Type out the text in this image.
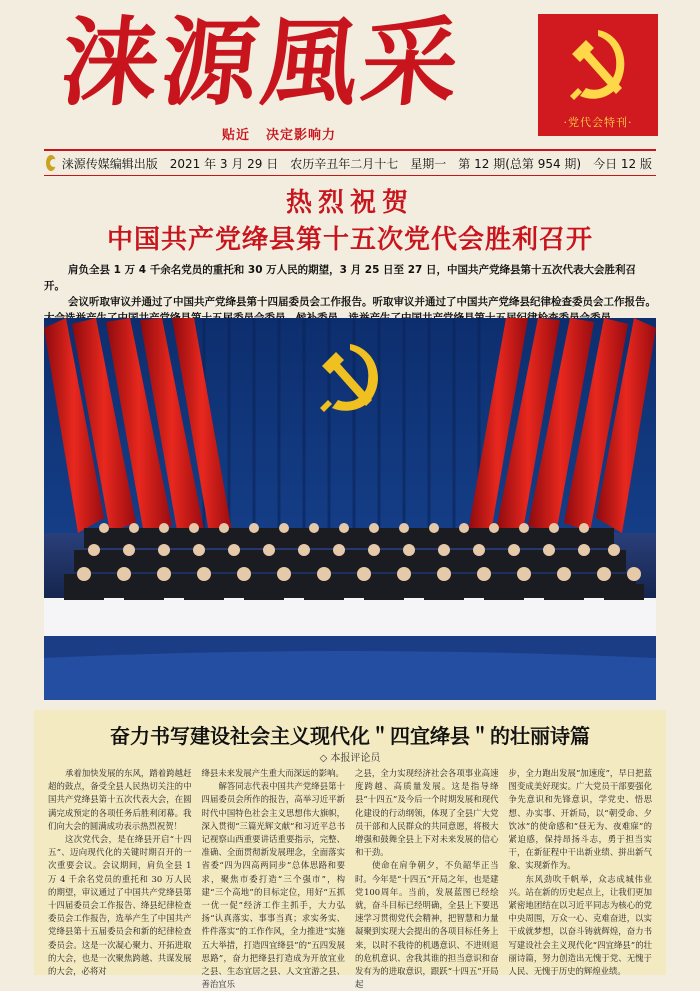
涞源風采
贴近 决定影响力
·党代会特刊·
涞源传媒编辑出版 2021 年 3 月 29 日 农历辛丑年二月十七 星期一 第 12 期(总第 954 期) 今日 12 版
热烈祝贺
中国共产党绛县第十五次党代会胜利召开

肩负全县 1 万 4 千余名党员的重托和 30 万人民的期望，3 月 25 日至 27 日，中国共产党绛县第十五次代表大会胜利召开。

会议听取审议并通过了中国共产党绛县第十四届委员会工作报告。听取审议并通过了中国共产党绛县纪律检查委员会工作报告。

奋力书写建设社会主义现代化＂四宜绛县＂的壮丽诗篇
◇ 本报评论员

承着加快发展的东风，踏着跨越赶超的鼓点，备受全县人民热切关注的中国共产党绛县第十五次代表大会，在圆满完成预定的各项任务后胜利闭幕。我们向大会的圆满成功表示热烈祝贺！

这次党代会，是在绛县开启“十四五”、迈向现代化的关键时期召开的一次重要会议。会议期间，肩负全县 1 万 4 千余名党员的重托和 30 万人民的期望，审议通过了中国共产党绛县第十四届委员会工作报告、绛县纪律检查委员会工作报告，选举产生了中国共产党绛县第十五届委员会和新的纪律检查委员会。这是一次凝心聚力、开拓进取的大会，也是一次聚焦跨越、共谋发展的大会，必将对

绛县未来发展产生重大而深远的影响。

解答同志代表中国共产党绛县第十四届委员会所作的报告，高举习近平新时代中国特色社会主义思想伟大旗帜，深入贯彻“三篇光辉文献”和习近平总书记视察山西重要讲话重要指示，完整、准确、全面贯彻新发展理念，全面落实省委“四为四高两同步”总体思路和要求，聚焦市委打造“三个强市”，构建“三个高地”的目标定位，用好“五抓一优一促”经济工作主抓手，大力弘扬“认真落实、事事当真；求实务实、件件落实”的工作作风，全力推进“实施五大举措，打造四宜绛县”的“五四发展思路”，奋力把绛县打造成为开放宜业之县、生态宜居之县、人文宜游之县、善治宜乐

之县，全力实现经济社会各项事业高速度跨越、高质量发展。这是指导绛县“十四五”及今后一个时期发展和现代化建设的行动纲领，体现了全县广大党员干部和人民群众的共同意愿，将极大增强和鼓舞全县上下对未来发展的信心和干劲。

使命在肩争朝夕，不负韶华正当时。今年是“十四五”开局之年，也是建党100周年。当前，发展蓝图已经绘就，奋斗目标已经明确，全县上下要迅速学习贯彻党代会精神，把智慧和力量凝聚到实现大会提出的各项目标任务上来，以时不我待的机遇意识、不进则退的危机意识、舍我其谁的担当意识和奋发有为的进取意识，跟跃“十四五”开局起

步，全力跑出发展“加速度”，早日把蓝图变成美好现实。广大党员干部要强化争先意识和先锋意识，学党史、悟思想、办实事、开新局，以“朝受命、夕饮冰”的使命感和“昼无为、夜难寐”的紧迫感，保持昂扬斗志，勇于担当实干，在新征程中干出新业绩、拼出新气象、实现新作为。

东风劲吹千帆举，众志成城伟业兴。站在新的历史起点上，让我们更加紧密地团结在以习近平同志为核心的党中央周围，万众一心、克难奋进，以实干成就梦想，以奋斗铸就辉煌，奋力书写建设社会主义现代化“四宜绛县”的壮丽诗篇，努力创造出无愧于党、无愧于人民、无愧于历史的辉煌业绩。
